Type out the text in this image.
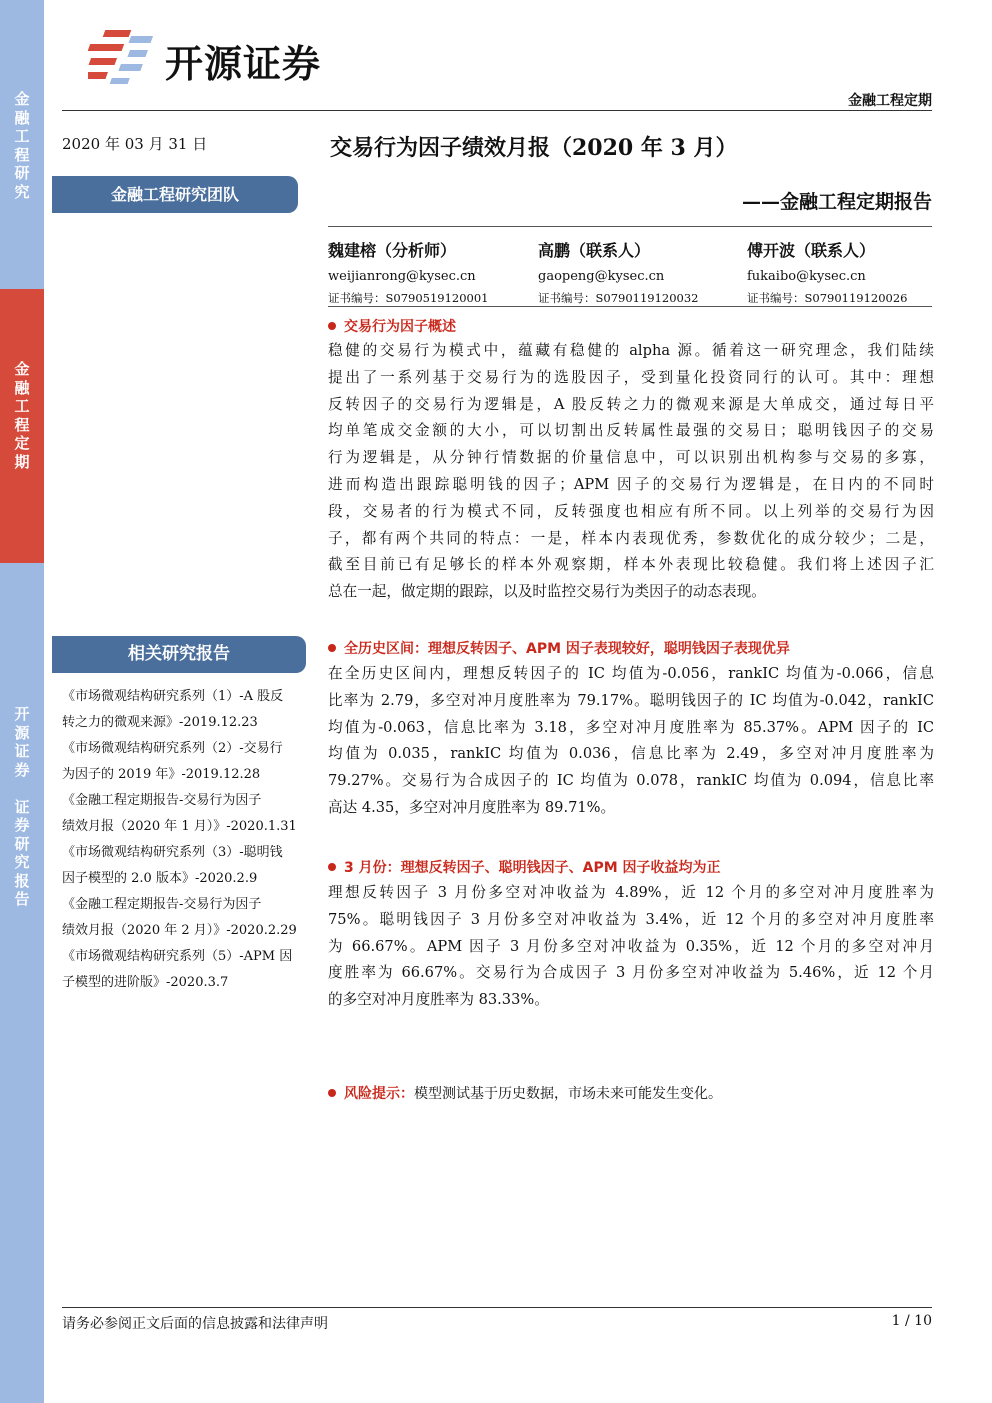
金
融
工
程
研
究
金
融
工
程
定
期
开
源
证
券

证
券
研
究
报
告
开源证券
金融工程定期
2020 年 03 月 31 日
金融工程研究团队
交易行为因子绩效月报（2020 年 3 月）
——金融工程定期报告
魏建榕（分析师）
weijianrong@kysec.cn
证书编号：S0790519120001
高鹏（联系人）
gaopeng@kysec.cn
证书编号：S0790119120032
傅开波（联系人）
fukaibo@kysec.cn
证书编号：S0790119120026
交易行为因子概述
稳健的交易行为模式中，蕴藏有稳健的 alpha 源。循着这一研究理念，我们陆续
提出了一系列基于交易行为的选股因子，受到量化投资同行的认可。其中：理想
反转因子的交易行为逻辑是，A 股反转之力的微观来源是大单成交，通过每日平
均单笔成交金额的大小，可以切割出反转属性最强的交易日；聪明钱因子的交易
行为逻辑是，从分钟行情数据的价量信息中，可以识别出机构参与交易的多寡，
进而构造出跟踪聪明钱的因子；APM 因子的交易行为逻辑是，在日内的不同时
段，交易者的行为模式不同，反转强度也相应有所不同。以上列举的交易行为因
子，都有两个共同的特点：一是，样本内表现优秀，参数优化的成分较少；二是，
截至目前已有足够长的样本外观察期，样本外表现比较稳健。我们将上述因子汇
总在一起，做定期的跟踪，以及时监控交易行为类因子的动态表现。
全历史区间：理想反转因子、APM 因子表现较好，聪明钱因子表现优异
在全历史区间内，理想反转因子的 IC 均值为-0.056，rankIC 均值为-0.066，信息
比率为 2.79，多空对冲月度胜率为 79.17%。聪明钱因子的 IC 均值为-0.042，rankIC
均值为-0.063，信息比率为 3.18，多空对冲月度胜率为 85.37%。APM 因子的 IC
均值为 0.035，rankIC 均值为 0.036，信息比率为 2.49，多空对冲月度胜率为
79.27%。交易行为合成因子的 IC 均值为 0.078，rankIC 均值为 0.094，信息比率
高达 4.35，多空对冲月度胜率为 89.71%。
3 月份：理想反转因子、聪明钱因子、APM 因子收益均为正
理想反转因子 3 月份多空对冲收益为 4.89%，近 12 个月的多空对冲月度胜率为
75%。聪明钱因子 3 月份多空对冲收益为 3.4%，近 12 个月的多空对冲月度胜率
为 66.67%。APM 因子 3 月份多空对冲收益为 0.35%，近 12 个月的多空对冲月
度胜率为 66.67%。交易行为合成因子 3 月份多空对冲收益为 5.46%，近 12 个月
的多空对冲月度胜率为 83.33%。
风险提示：模型测试基于历史数据，市场未来可能发生变化。
相关研究报告
《市场微观结构研究系列（1）-A 股反
转之力的微观来源》-2019.12.23
《市场微观结构研究系列（2）-交易行
为因子的 2019 年》-2019.12.28
《金融工程定期报告-交易行为因子
绩效月报（2020 年 1 月）》-2020.1.31
《市场微观结构研究系列（3）-聪明钱
因子模型的 2.0 版本》-2020.2.9
《金融工程定期报告-交易行为因子
绩效月报（2020 年 2 月）》-2020.2.29
《市场微观结构研究系列（5）-APM 因
子模型的进阶版》-2020.3.7
请务必参阅正文后面的信息披露和法律声明	1 / 10
